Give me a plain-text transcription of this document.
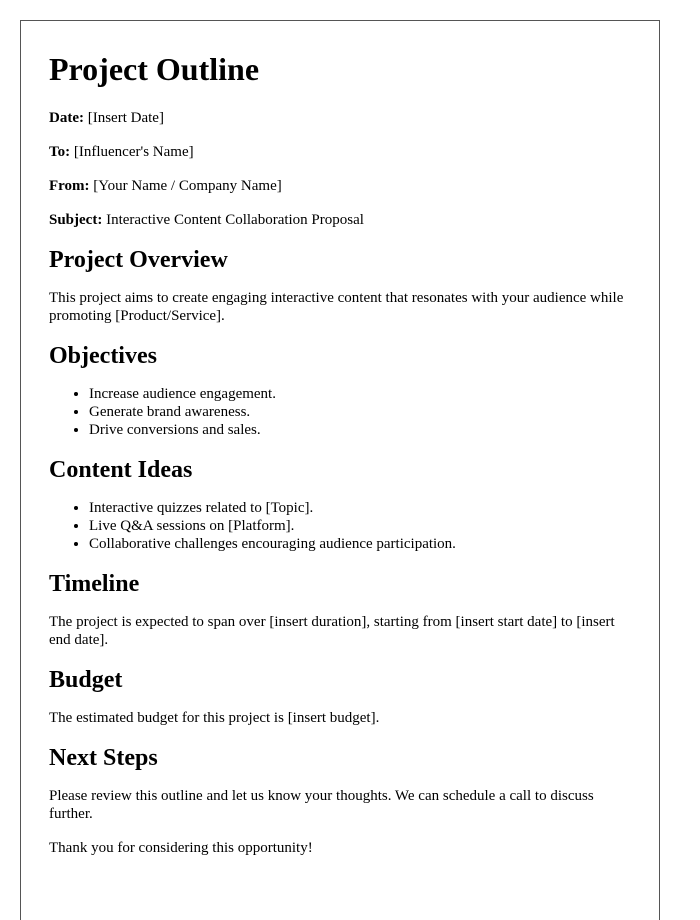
Project Outline

Date: [Insert Date]

To: [Influencer's Name]

From: [Your Name / Company Name]

Subject: Interactive Content Collaboration Proposal

Project Overview

This project aims to create engaging interactive content that resonates with your audience while promoting [Product/Service].

Objectives
• Increase audience engagement.
• Generate brand awareness.
• Drive conversions and sales.
Content Ideas
• Interactive quizzes related to [Topic].
• Live Q&A sessions on [Platform].
• Collaborative challenges encouraging audience participation.
Timeline

The project is expected to span over [insert duration], starting from [insert start date] to [insert end date].

Budget

The estimated budget for this project is [insert budget].

Next Steps

Please review this outline and let us know your thoughts. We can schedule a call to discuss further.

Thank you for considering this opportunity!
